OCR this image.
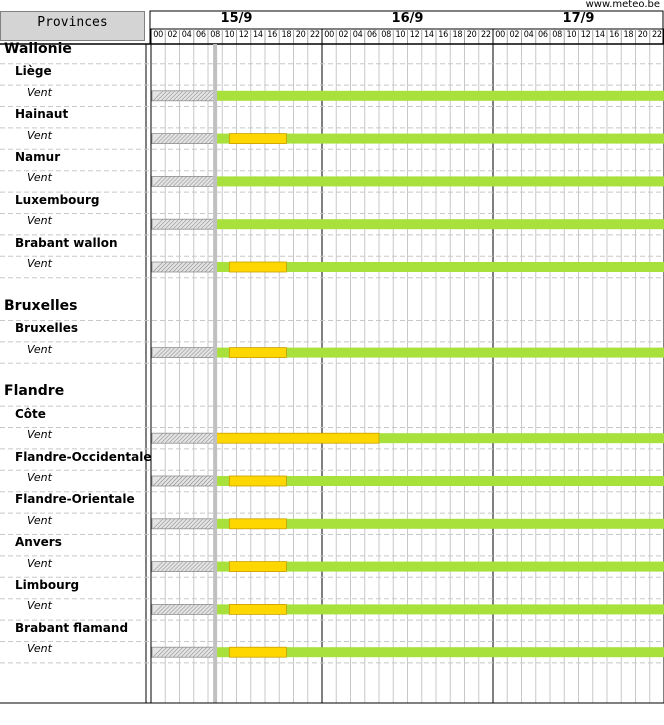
www.meteo.be
Provinces
Wallonie
Liège
Vent
Hainaut
Vent
Namur
Vent
Luxembourg
Vent
Brabant wallon
Vent
Bruxelles
Bruxelles
Vent
Flandre
Côte
Vent
Flandre-Occidentale
Vent
Flandre-Orientale
Vent
Anvers
Vent
Limbourg
Vent
Brabant flamand
Vent
15/9
00 02 04 06 08 10 12 14 16 18 20 22
16/9
00 02 04 06 08 10 12 14 16 18 20 22
17/9
00 02 04 06 08 10 12 14 16 18 20 22
